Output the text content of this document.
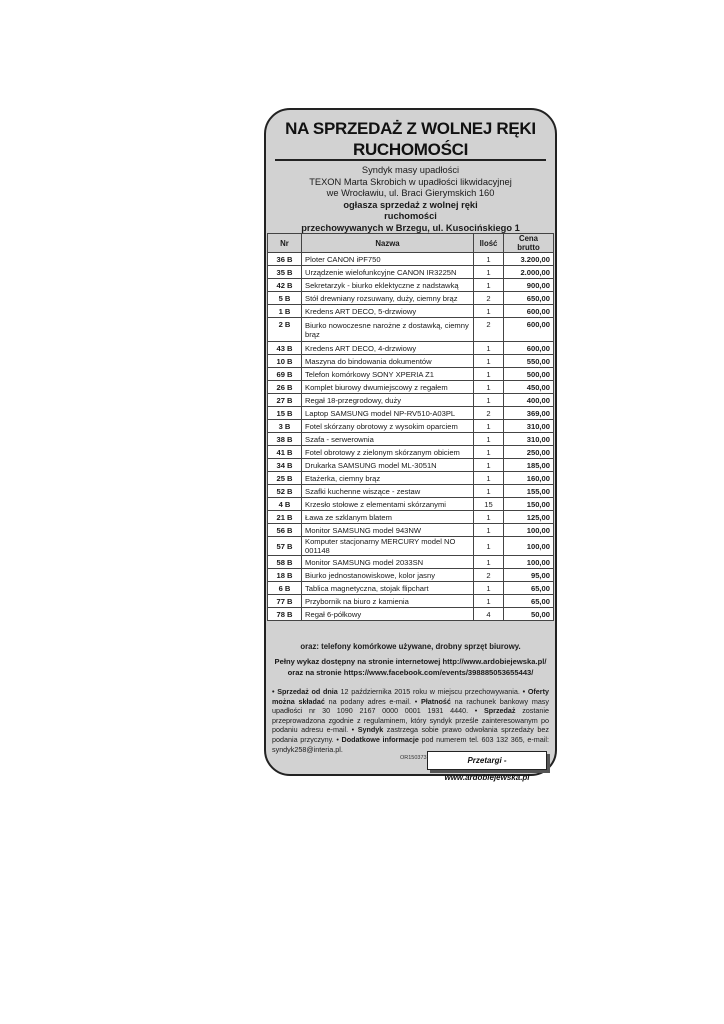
NA SPRZEDAŻ Z WOLNEJ RĘKI
RUCHOMOŚCI
Syndyk masy upadłości
TEXON Marta Skrobich w upadłości likwidacyjnej
we Wrocławiu, ul. Braci Gierymskich 160
ogłasza sprzedaż z wolnej ręki
ruchomości
przechowywanych w Brzegu, ul. Kusocińskiego 1
Nr	Nazwa	Ilość	Cena brutto
36 B	Ploter CANON iPF750	1	3.200,00
35 B	Urządzenie wielofunkcyjne CANON IR3225N	1	2.000,00
42 B	Sekretarzyk - biurko eklektyczne z nadstawką	1	900,00
5 B	Stół drewniany rozsuwany, duży, ciemny brąz	2	650,00
1 B	Kredens ART DECO, 5-drzwiowy	1	600,00
2 B	Biurko nowoczesne narożne z dostawką, ciemny brąz	2	600,00
43 B	Kredens ART DECO, 4-drzwiowy	1	600,00
10 B	Maszyna do bindowania dokumentów	1	550,00
69 B	Telefon komórkowy SONY XPERIA Z1	1	500,00
26 B	Komplet biurowy dwumiejscowy z regałem	1	450,00
27 B	Regał 18-przegrodowy, duży	1	400,00
15 B	Laptop SAMSUNG model NP-RV510-A03PL	2	369,00
3 B	Fotel skórzany obrotowy z wysokim oparciem	1	310,00
38 B	Szafa - serwerownia	1	310,00
41 B	Fotel obrotowy z zielonym skórzanym obiciem	1	250,00
34 B	Drukarka SAMSUNG model ML-3051N	1	185,00
25 B	Etażerka, ciemny brąz	1	160,00
52 B	Szafki kuchenne wiszące - zestaw	1	155,00
4 B	Krzesło stołowe z elementami skórzanymi	15	150,00
21 B	Ława ze szklanym blatem	1	125,00
56 B	Monitor SAMSUNG model 943NW	1	100,00
57 B	Komputer stacjonarny MERCURY model NO 001148	1	100,00
58 B	Monitor SAMSUNG model 2033SN	1	100,00
18 B	Biurko jednostanowiskowe, kolor jasny	2	95,00
6 B	Tablica magnetyczna, stojak flipchart	1	65,00
77 B	Przybornik na biuro z kamienia	1	65,00
78 B	Regał 6-półkowy	4	50,00
oraz: telefony komórkowe używane, drobny sprzęt biurowy.
Pełny wykaz dostępny na stronie internetowej http://www.ardobiejewska.pl/
oraz na stronie https://www.facebook.com/events/398885053655443/
• Sprzedaż od dnia 12 października 2015 roku w miejscu przechowywania. • Oferty można składać na podany adres e-mail. • Płatność na rachunek bankowy masy upadłości nr 30 1090 2167 0000 0001 1931 4440. • Sprzedaż zostanie przeprowadzona zgodnie z regulaminem, który syndyk prześle zainteresowanym po podaniu adresu e-mail. • Syndyk zastrzega sobie prawo odwołania sprzedaży bez podania przyczyny. • Dodatkowe informacje pod numerem tel. 603 132 365, e-mail: syndyk258@interia.pl.
OR150373	Przetargi - www.ardobiejewska.pl
